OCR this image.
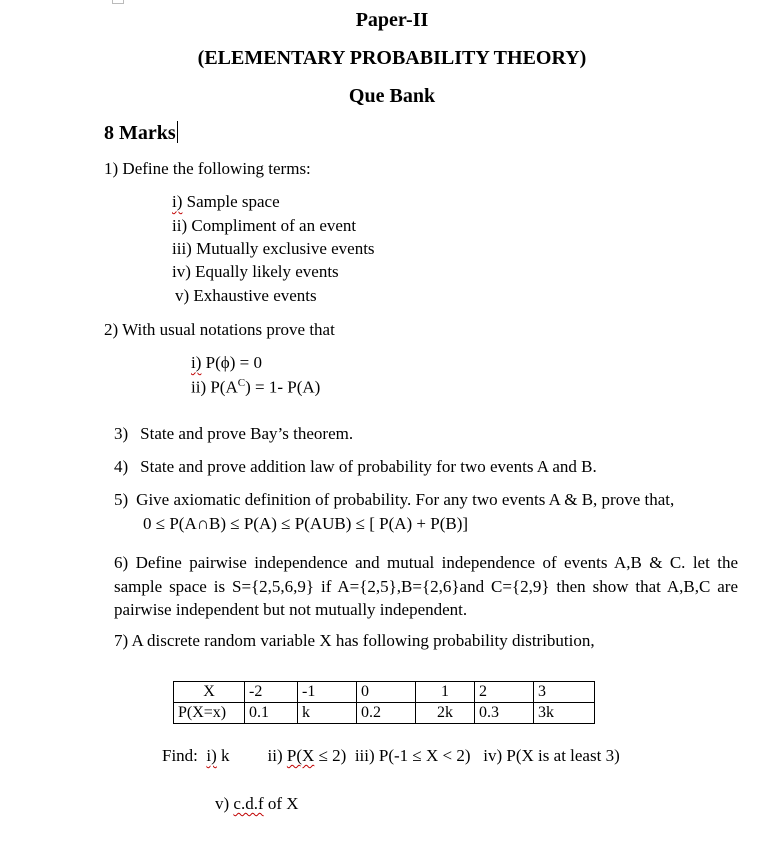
Paper-II
(ELEMENTARY PROBABILITY THEORY)
Que Bank
8 Marks
1) Define the following terms:
i) Sample space
ii) Compliment of an event
iii) Mutually exclusive events
iv) Equally likely events
v) Exhaustive events
2) With usual notations prove that
i) P(ϕ) = 0
ii) $P(A^C) = 1-$ P(A)
3) State and prove Bay’s theorem.
4) State and prove addition law of probability for two events A and B.
5) Give axiomatic definition of probability. For any two events A & B, prove that,
0 ≤ P(A∩B) ≤ P(A) ≤ P(AUB) ≤ [ P(A) + P(B)]
6) Define pairwise independence and mutual independence of events A,B & C. let the sample space is S={2,5,6,9} if A={2,5},B={2,6}and C={2,9} then show that A,B,C are pairwise independent but not mutually independent.
7) A discrete random variable X has following probability distribution,
X	-2	-1	0	1	2	3
P(X=x)	0.1	k	0.2	2k	0.3	3k
Find: i) k ii) P(X ≤ 2) iii) P(-1 ≤ X < 2) iv) P(X is at least 3)
v) c.d.f of X
